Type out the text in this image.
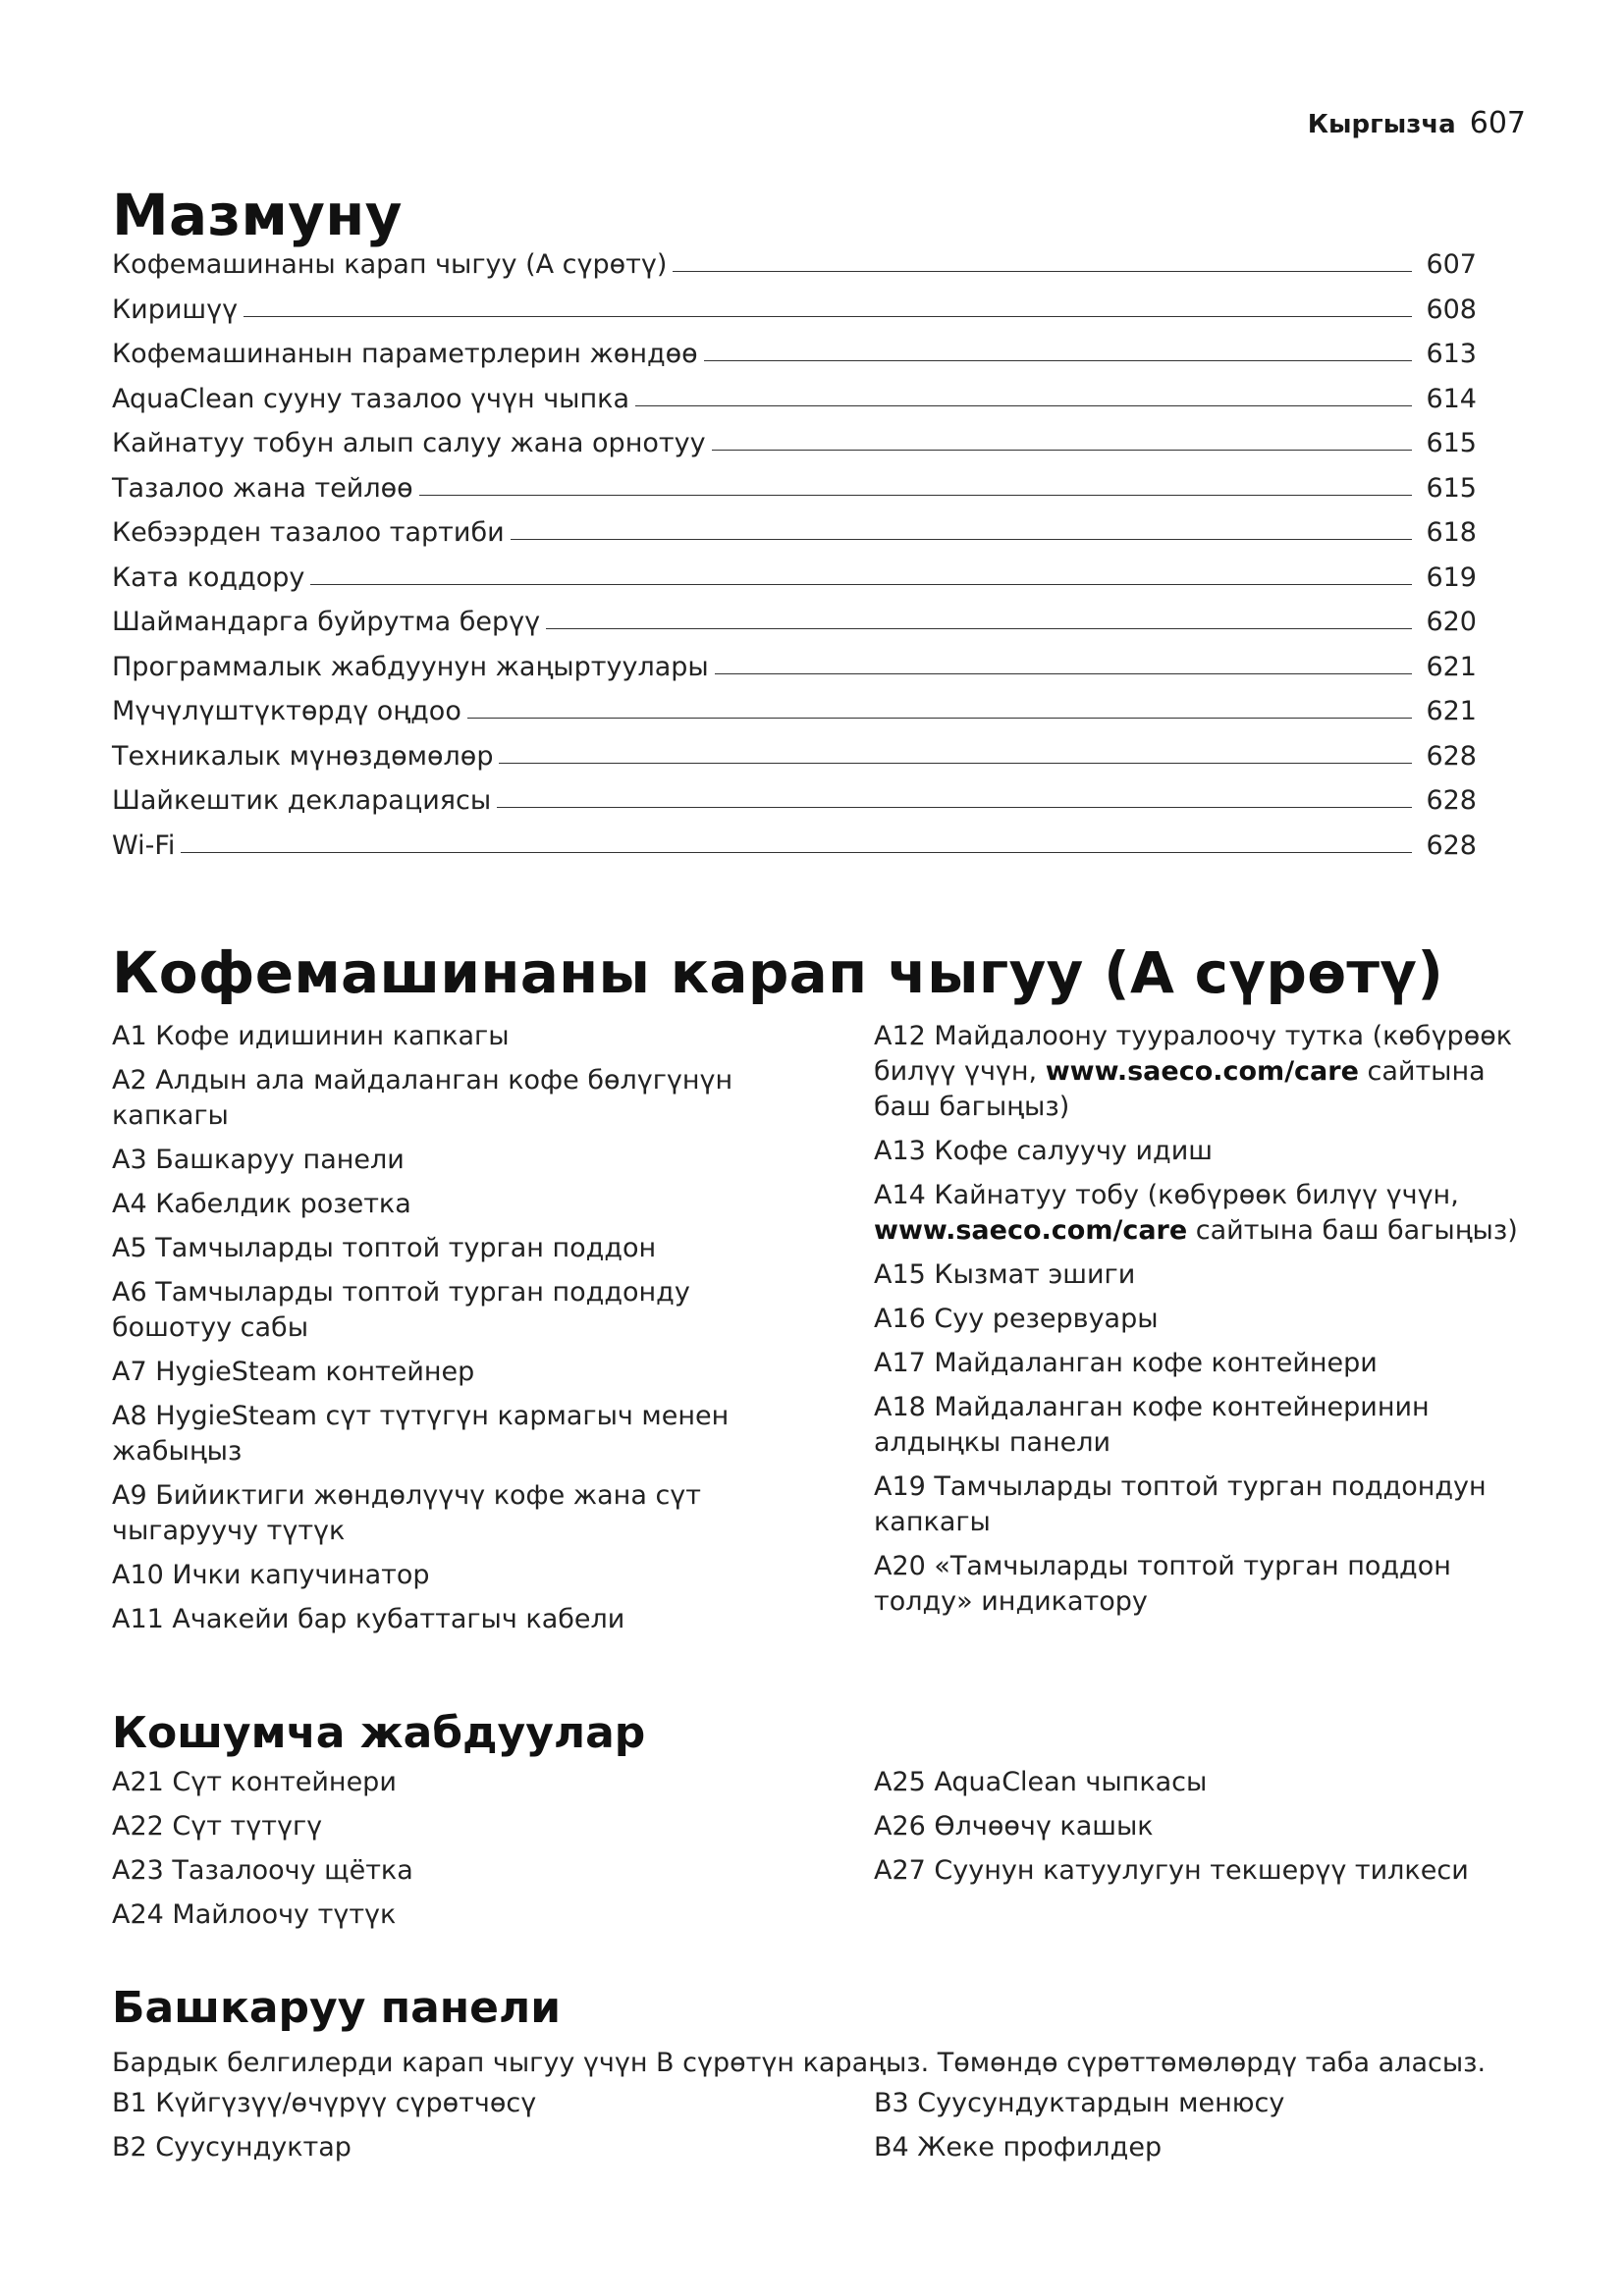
Кыргызча 607
Мазмуну
Кофемашинаны карап чыгуу (А сүрөтү)	607
Киришүү	608
Кофемашинанын параметрлерин жөндөө	613
AquaClean сууну тазалоо үчүн чыпка	614
Кайнатуу тобун алып салуу жана орнотуу	615
Тазалоо жана тейлөө	615
Кебээрден тазалоо тартиби	618
Ката коддору	619
Шаймандарга буйрутма берүү	620
Программалык жабдуунун жаңыртуулары	621
Мүчүлүштүктөрдү оңдоо	621
Техникалык мүнөздөмөлөр	628
Шайкештик декларациясы	628
Wi-Fi	628
Кофемашинаны карап чыгуу (А сүрөтү)
A1 Кофе идишинин капкагы
A2 Алдын ала майдаланган кофе бөлүгүнүн капкагы
A3 Башкаруу панели
A4 Кабелдик розетка
A5 Тамчыларды топтой турган поддон
A6 Тамчыларды топтой турган поддонду бошотуу сабы
A7 HygieSteam контейнер
A8 HygieSteam сүт түтүгүн кармагыч менен жабыңыз
A9 Бийиктиги жөндөлүүчү кофе жана сүт чыгаруучу түтүк
A10 Ички капучинатор
A11 Ачакейи бар кубаттагыч кабели
A12 Майдалоону тууралоочу тутка (көбүрөөк билүү үчүн, www.saeco.com/care сайтына баш багыңыз)
A13 Кофе салуучу идиш
A14 Кайнатуу тобу (көбүрөөк билүү үчүн, www.saeco.com/care сайтына баш багыңыз)
A15 Кызмат эшиги
A16 Суу резервуары
A17 Майдаланган кофе контейнери
A18 Майдаланган кофе контейнеринин алдыңкы панели
A19 Тамчыларды топтой турган поддондун капкагы
A20 «Тамчыларды топтой турган поддон толду» индикатору
Кошумча жабдуулар
A21 Сүт контейнери
A22 Сүт түтүгү
A23 Тазалоочу щётка
A24 Майлоочу түтүк
A25 AquaClean чыпкасы
A26 Өлчөөчү кашык
A27 Суунун катуулугун текшерүү тилкеси
Башкаруу панели

Бардык белгилерди карап чыгуу үчүн В сүрөтүн караңыз. Төмөндө сүрөттөмөлөрдү таба аласыз.

B1 Күйгүзүү/өчүрүү сүрөтчөсү
B2 Суусундуктар
B3 Суусундуктардын менюсу
B4 Жеке профилдер
